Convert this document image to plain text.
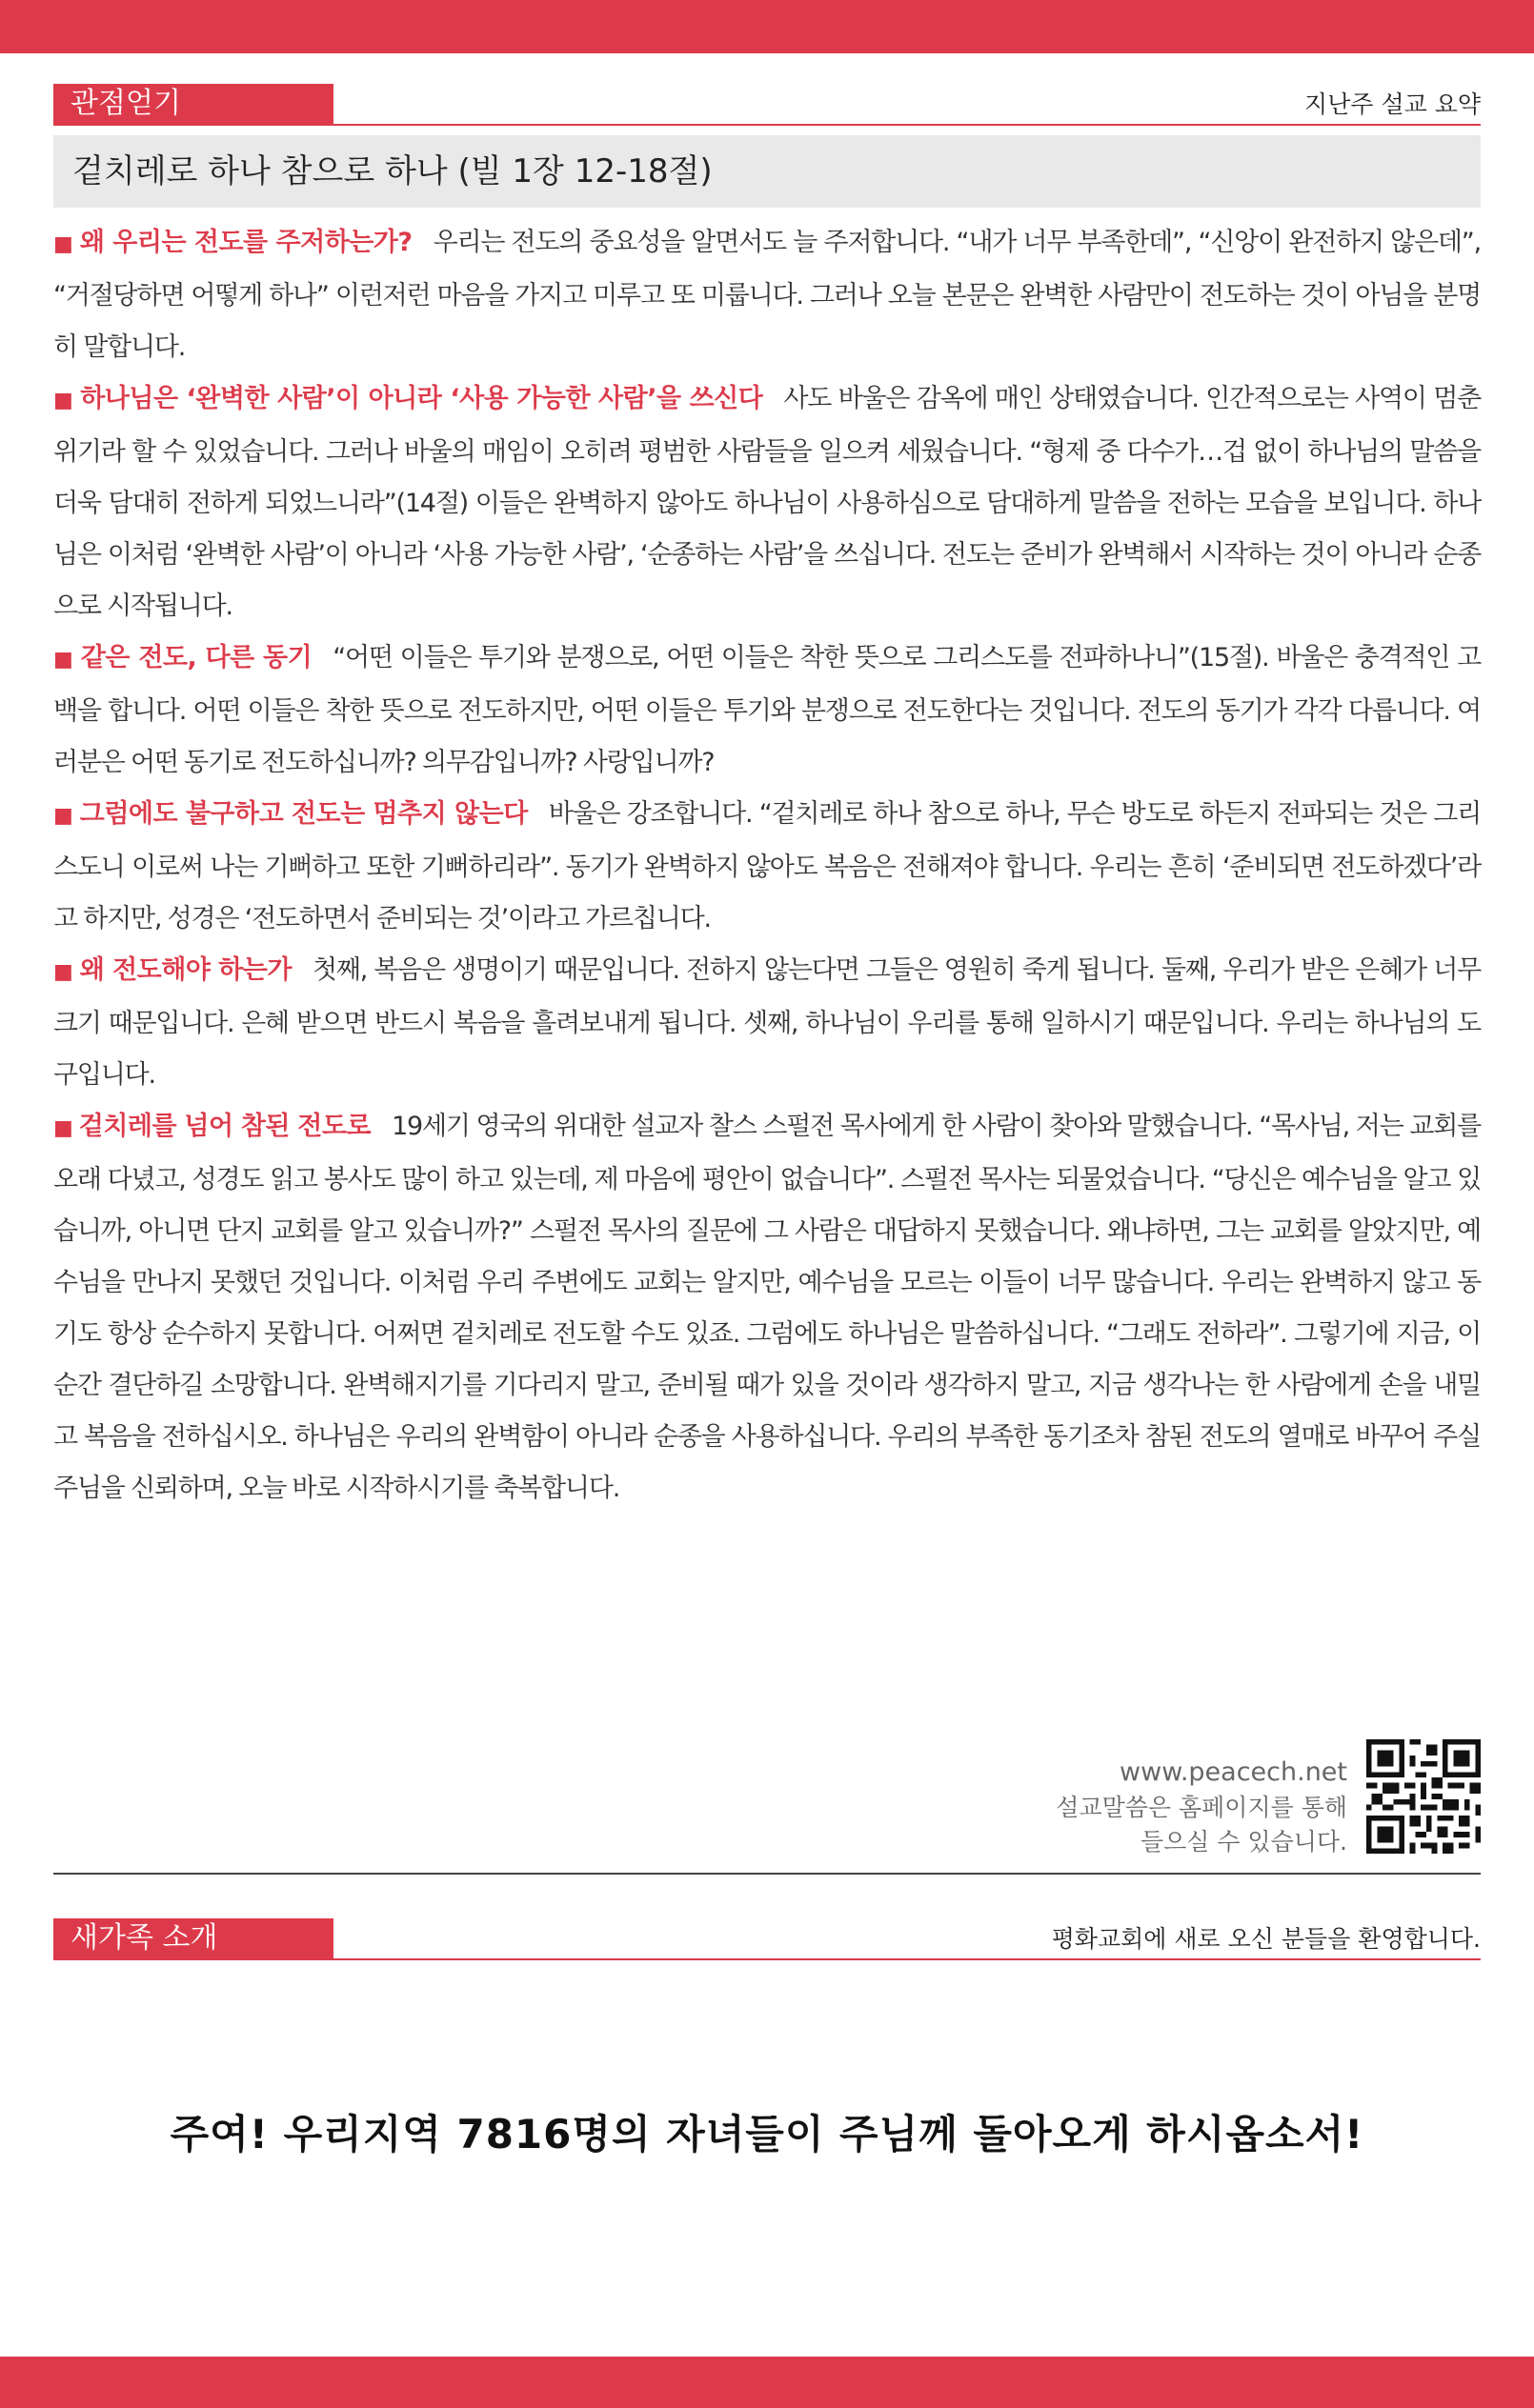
관점얻기	지난주 설교 요약
겉치레로 하나 참으로 하나 (빌 1장 12-18절)

■ 왜 우리는 전도를 주저하는가? 우리는 전도의 중요성을 알면서도 늘 주저합니다. “내가 너무 부족한데”, “신앙이 완전하지 않은데”, “거절당하면 어떻게 하나” 이런저런 마음을 가지고 미루고 또 미룹니다. 그러나 오늘 본문은 완벽한 사람만이 전도하는 것이 아님을 분명히 말합니다.

■ 하나님은 ‘완벽한 사람’이 아니라 ‘사용 가능한 사람’을 쓰신다 사도 바울은 감옥에 매인 상태였습니다. 인간적으로는 사역이 멈춘 위기라 할 수 있었습니다. 그러나 바울의 매임이 오히려 평범한 사람들을 일으켜 세웠습니다. “형제 중 다수가…겁 없이 하나님의 말씀을 더욱 담대히 전하게 되었느니라”(14절) 이들은 완벽하지 않아도 하나님이 사용하심으로 담대하게 말씀을 전하는 모습을 보입니다. 하나님은 이처럼 ‘완벽한 사람’이 아니라 ‘사용 가능한 사람’, ‘순종하는 사람’을 쓰십니다. 전도는 준비가 완벽해서 시작하는 것이 아니라 순종으로 시작됩니다.

■ 같은 전도, 다른 동기 “어떤 이들은 투기와 분쟁으로, 어떤 이들은 착한 뜻으로 그리스도를 전파하나니”(15절). 바울은 충격적인 고백을 합니다. 어떤 이들은 착한 뜻으로 전도하지만, 어떤 이들은 투기와 분쟁으로 전도한다는 것입니다. 전도의 동기가 각각 다릅니다. 여러분은 어떤 동기로 전도하십니까? 의무감입니까? 사랑입니까?

■ 그럼에도 불구하고 전도는 멈추지 않는다 바울은 강조합니다. “겉치레로 하나 참으로 하나, 무슨 방도로 하든지 전파되는 것은 그리스도니 이로써 나는 기뻐하고 또한 기뻐하리라”. 동기가 완벽하지 않아도 복음은 전해져야 합니다. 우리는 흔히 ‘준비되면 전도하겠다’라고 하지만, 성경은 ‘전도하면서 준비되는 것’이라고 가르칩니다.

■ 왜 전도해야 하는가 첫째, 복음은 생명이기 때문입니다. 전하지 않는다면 그들은 영원히 죽게 됩니다. 둘째, 우리가 받은 은혜가 너무 크기 때문입니다. 은혜 받으면 반드시 복음을 흘려보내게 됩니다. 셋째, 하나님이 우리를 통해 일하시기 때문입니다. 우리는 하나님의 도구입니다.

■ 겉치레를 넘어 참된 전도로 19세기 영국의 위대한 설교자 찰스 스펄전 목사에게 한 사람이 찾아와 말했습니다. “목사님, 저는 교회를 오래 다녔고, 성경도 읽고 봉사도 많이 하고 있는데, 제 마음에 평안이 없습니다”. 스펄전 목사는 되물었습니다. “당신은 예수님을 알고 있습니까, 아니면 단지 교회를 알고 있습니까?” 스펄전 목사의 질문에 그 사람은 대답하지 못했습니다. 왜냐하면, 그는 교회를 알았지만, 예수님을 만나지 못했던 것입니다. 이처럼 우리 주변에도 교회는 알지만, 예수님을 모르는 이들이 너무 많습니다. 우리는 완벽하지 않고 동기도 항상 순수하지 못합니다. 어쩌면 겉치레로 전도할 수도 있죠. 그럼에도 하나님은 말씀하십니다. “그래도 전하라”. 그렇기에 지금, 이 순간 결단하길 소망합니다. 완벽해지기를 기다리지 말고, 준비될 때가 있을 것이라 생각하지 말고, 지금 생각나는 한 사람에게 손을 내밀고 복음을 전하십시오. 하나님은 우리의 완벽함이 아니라 순종을 사용하십니다. 우리의 부족한 동기조차 참된 전도의 열매로 바꾸어 주실 주님을 신뢰하며, 오늘 바로 시작하시기를 축복합니다.

www.peacech.net
설교말씀은 홈페이지를 통해
들으실 수 있습니다.
새가족 소개	평화교회에 새로 오신 분들을 환영합니다.
주여! 우리지역 7816명의 자녀들이 주님께 돌아오게 하시옵소서!
